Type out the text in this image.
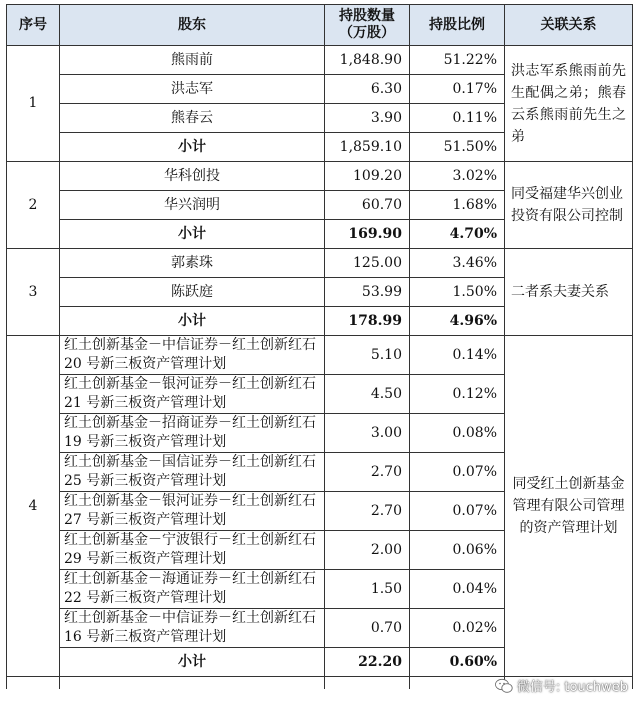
序号	股东	持股数量（万股）	持股比例	关联关系
1	熊雨前	1,848.90	51.22%	洪志军系熊雨前先生配偶之弟；熊春云系熊雨前先生之弟
	洪志军	6.30	0.17%	
	熊春云	3.90	0.11%	
	小计	1,859.10	51.50%	
2	华科创投	109.20	3.02%	同受福建华兴创业投资有限公司控制
	华兴润明	60.70	1.68%	
	小计	169.90	4.70%	
3	郭素珠	125.00	3.46%	二者系夫妻关系
	陈跃庭	53.99	1.50%	
	小计	178.99	4.96%	
4	红土创新基金－中信证券－红土创新红石 20 号新三板资产管理计划	5.10	0.14%	同受红土创新基金管理有限公司管理的资产管理计划
	红土创新基金－银河证券－红土创新红石 21 号新三板资产管理计划	4.50	0.12%	
	红土创新基金－招商证券－红土创新红石 19 号新三板资产管理计划	3.00	0.08%	
	红土创新基金－国信证券－红土创新红石 25 号新三板资产管理计划	2.70	0.07%	
	红土创新基金－银河证券－红土创新红石 27 号新三板资产管理计划	2.70	0.07%	
	红土创新基金－宁波银行－红土创新红石 29 号新三板资产管理计划	2.00	0.06%	
	红土创新基金－海通证券－红土创新红石 22 号新三板资产管理计划	1.50	0.04%	
	红土创新基金－中信证券－红土创新红石 16 号新三板资产管理计划	0.70	0.02%	
	小计	22.20	0.60%	

微信号: touchweb
